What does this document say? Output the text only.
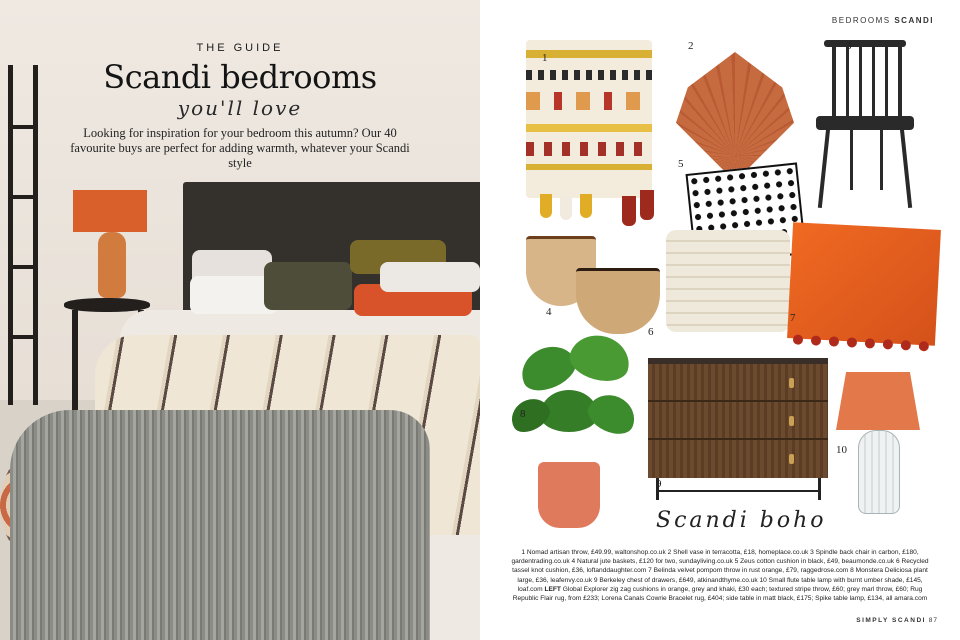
THE GUIDE
Scandi bedrooms
you'll love
Looking for inspiration for your bedroom this autumn? Our 40 favourite buys are perfect for adding warmth, whatever your Scandi style
BEDROOMS SCANDI
1
2	3
4
5
6
7
8
9
10
Scandi boho
1 Nomad artisan throw, £49.99, waltonshop.co.uk 2 Shell vase in terracotta, £18, homeplace.co.uk 3 Spindle back chair in carbon, £180, gardentrading.co.uk 4 Natural jute baskets, £120 for two, sundayliving.co.uk 5 Zeus cotton cushion in black, £49, beaumonde.co.uk 6 Recycled tassel knot cushion, £36, loftanddaughter.com 7 Belinda velvet pompom throw in rust orange, £79, raggedrose.com 8 Monstera Deliciosa plant large, £36, leafenvy.co.uk 9 Berkeley chest of drawers, £649, atkinandthyme.co.uk 10 Small flute table lamp with burnt umber shade, £145, loaf.com LEFT Global Explorer zig zag cushions in orange, grey and khaki, £30 each; textured stripe throw, £60; grey marl throw, £60; Rug Republic Flair rug, from £233; Lorena Canals Cowrie Bracelet rug, £404; side table in matt black, £175; Spike table lamp, £134, all amara.com
SIMPLY SCANDI 87
